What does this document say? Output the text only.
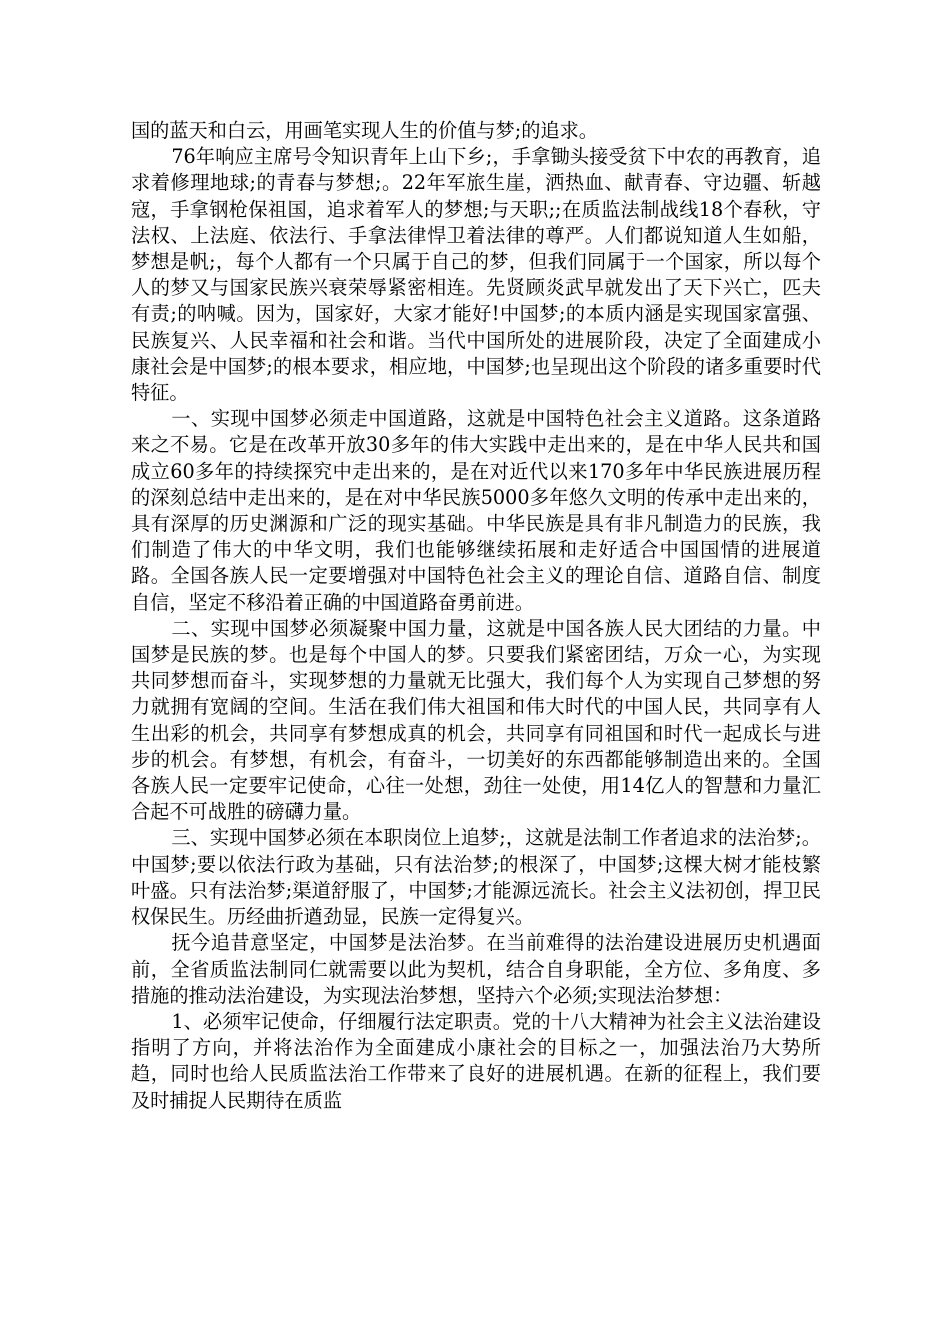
国的蓝天和白云，用画笔实现人生的价值与梦;的追求。

76年响应主席号令知识青年上山下乡;，手拿锄头接受贫下中农的再教育，追求着修理地球;的青春与梦想;。22年军旅生崖，洒热血、献青春、守边疆、斩越寇，手拿钢枪保祖国，追求着军人的梦想;与天职;;在质监法制战线18个春秋，守法权、上法庭、依法行、手拿法律悍卫着法律的尊严。人们都说知道人生如船，梦想是帆;，每个人都有一个只属于自己的梦，但我们同属于一个国家，所以每个人的梦又与国家民族兴衰荣辱紧密相连。先贤顾炎武早就发出了天下兴亡，匹夫有责;的呐喊。因为，国家好，大家才能好!中国梦;的本质内涵是实现国家富强、民族复兴、人民幸福和社会和谐。当代中国所处的进展阶段，决定了全面建成小康社会是中国梦;的根本要求，相应地，中国梦;也呈现出这个阶段的诸多重要时代特征。

一、实现中国梦必须走中国道路，这就是中国特色社会主义道路。这条道路来之不易。它是在改革开放30多年的伟大实践中走出来的，是在中华人民共和国成立60多年的持续探究中走出来的，是在对近代以来170多年中华民族进展历程的深刻总结中走出来的，是在对中华民族5000多年悠久文明的传承中走出来的，具有深厚的历史渊源和广泛的现实基础。中华民族是具有非凡制造力的民族，我们制造了伟大的中华文明，我们也能够继续拓展和走好适合中国国情的进展道路。全国各族人民一定要增强对中国特色社会主义的理论自信、道路自信、制度自信，坚定不移沿着正确的中国道路奋勇前进。

二、实现中国梦必须凝聚中国力量，这就是中国各族人民大团结的力量。中国梦是民族的梦。也是每个中国人的梦。只要我们紧密团结，万众一心，为实现共同梦想而奋斗，实现梦想的力量就无比强大，我们每个人为实现自己梦想的努力就拥有宽阔的空间。生活在我们伟大祖国和伟大时代的中国人民，共同享有人生出彩的机会，共同享有梦想成真的机会，共同享有同祖国和时代一起成长与进步的机会。有梦想，有机会，有奋斗，一切美好的东西都能够制造出来的。全国各族人民一定要牢记使命，心往一处想，劲往一处使，用14亿人的智慧和力量汇合起不可战胜的磅礴力量。

三、实现中国梦必须在本职岗位上追梦;，这就是法制工作者追求的法治梦;。中国梦;要以依法行政为基础，只有法治梦;的根深了，中国梦;这棵大树才能枝繁叶盛。只有法治梦;渠道舒服了，中国梦;才能源远流长。社会主义法初创，捍卫民权保民生。历经曲折遒劲显，民族一定得复兴。

抚今追昔意坚定，中国梦是法治梦。在当前难得的法治建设进展历史机遇面前，全省质监法制同仁就需要以此为契机，结合自身职能，全方位、多角度、多措施的推动法治建设，为实现法治梦想，坚持六个必须;实现法治梦想：

1、必须牢记使命，仔细履行法定职责。党的十八大精神为社会主义法治建设指明了方向，并将法治作为全面建成小康社会的目标之一，加强法治乃大势所趋，同时也给人民质监法治工作带来了良好的进展机遇。在新的征程上，我们要及时捕捉人民期待在质监
